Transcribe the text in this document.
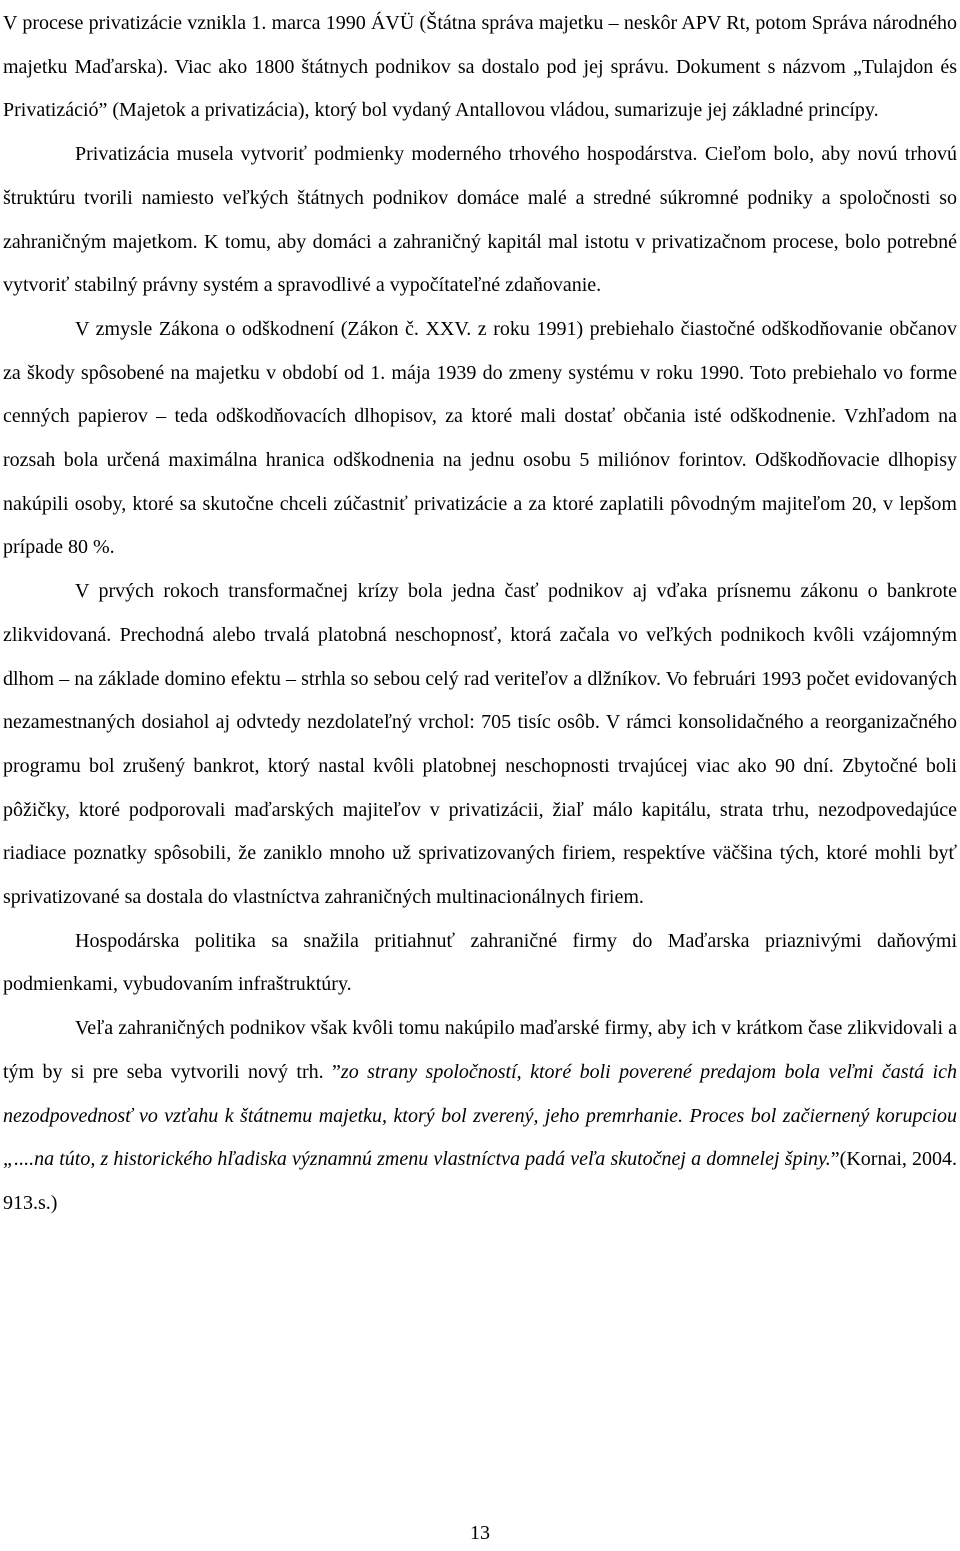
V procese privatizácie vznikla 1. marca 1990 ÁVÜ (Štátna správa majetku – neskôr APV Rt, potom Správa národného majetku Maďarska). Viac ako 1800 štátnych podnikov sa dostalo pod jej správu. Dokument s názvom „Tulajdon és Privatizáció” (Majetok a privatizácia), ktorý bol vydaný Antallovou vládou, sumarizuje jej základné princípy.

Privatizácia musela vytvoriť podmienky moderného trhového hospodárstva. Cieľom bolo, aby novú trhovú štruktúru tvorili namiesto veľkých štátnych podnikov domáce malé a stredné súkromné podniky a spoločnosti so zahraničným majetkom. K tomu, aby domáci a zahraničný kapitál mal istotu v privatizačnom procese, bolo potrebné vytvoriť stabilný právny systém a spravodlivé a vypočítateľné zdaňovanie.

V zmysle Zákona o odškodnení (Zákon č. XXV. z roku 1991) prebiehalo čiastočné odškodňovanie občanov za škody spôsobené na majetku v období od 1. mája 1939 do zmeny systému v roku 1990. Toto prebiehalo vo forme cenných papierov – teda odškodňovacích dlhopisov, za ktoré mali dostať občania isté odškodnenie. Vzhľadom na rozsah bola určená maximálna hranica odškodnenia na jednu osobu 5 miliónov forintov. Odškodňovacie dlhopisy nakúpili osoby, ktoré sa skutočne chceli zúčastniť privatizácie a za ktoré zaplatili pôvodným majiteľom 20, v lepšom prípade 80 %.

V prvých rokoch transformačnej krízy bola jedna časť podnikov aj vďaka prísnemu zákonu o bankrote zlikvidovaná. Prechodná alebo trvalá platobná neschopnosť, ktorá začala vo veľkých podnikoch kvôli vzájomným dlhom – na základe domino efektu – strhla so sebou celý rad veriteľov a dlžníkov. Vo februári 1993 počet evidovaných nezamestnaných dosiahol aj odvtedy nezdolateľný vrchol: 705 tisíc osôb. V rámci konsolidačného a reorganizačného programu bol zrušený bankrot, ktorý nastal kvôli platobnej neschopnosti trvajúcej viac ako 90 dní. Zbytočné boli pôžičky, ktoré podporovali maďarských majiteľov v privatizácii, žiaľ málo kapitálu, strata trhu, nezodpovedajúce riadiace poznatky spôsobili, že zaniklo mnoho už sprivatizovaných firiem, respektíve väčšina tých, ktoré mohli byť sprivatizované sa dostala do vlastníctva zahraničných multinacionálnych firiem.

Hospodárska politika sa snažila pritiahnuť zahraničné firmy do Maďarska priaznivými daňovými podmienkami, vybudovaním infraštruktúry.

Veľa zahraničných podnikov však kvôli tomu nakúpilo maďarské firmy, aby ich v krátkom čase zlikvidovali a tým by si pre seba vytvorili nový trh. ”zo strany spoločností, ktoré boli poverené predajom bola veľmi častá ich nezodpovednosť vo vzťahu k štátnemu majetku, ktorý bol zverený, jeho premrhanie. Proces bol začiernený korupciou „....na túto, z historického hľadiska významnú zmenu vlastníctva padá veľa skutočnej a domnelej špiny.”(Kornai, 2004. 913.s.)

13
